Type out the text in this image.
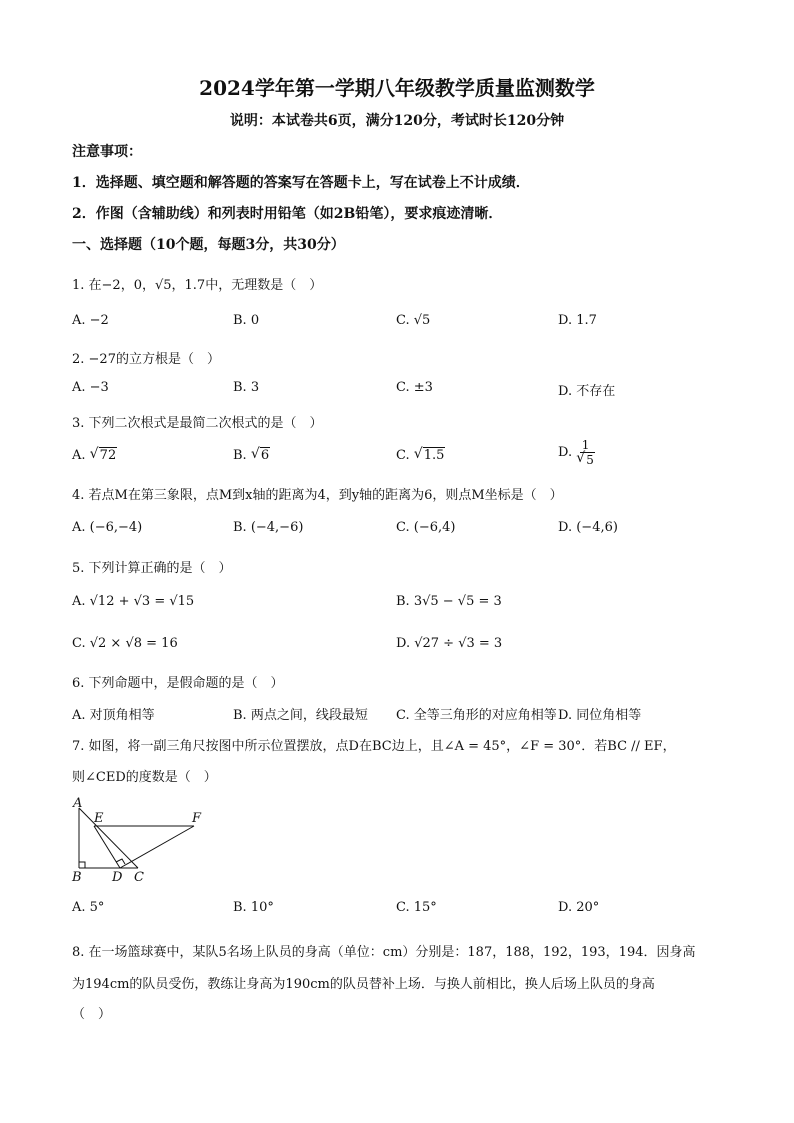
2024学年第一学期八年级教学质量监测数学
说明：本试卷共6页，满分120分，考试时长120分钟
注意事项：
1．选择题、填空题和解答题的答案写在答题卡上，写在试卷上不计成绩．
2．作图（含辅助线）和列表时用铅笔（如2B铅笔），要求痕迹清晰．
一、选择题（10个题，每题3分，共30分）
1. 在−2，0，√5，1.7中，无理数是（　）
A. −2	B. 0	C. √5	D. 1.7
2. −27的立方根是（　）
A. −3	B. 3	C. ±3	D. 不存在
3. 下列二次根式是最简二次根式的是（　）
A. √ 72	B. √ 6	C. √ 1.5	D. 1
√ 5
4. 若点M在第三象限，点M到x轴的距离为4，到y轴的距离为6，则点M坐标是（　）
A. (−6,−4)	B. (−4,−6)	C. (−6,4)	D. (−4,6)
5. 下列计算正确的是（　）
A. √12 + √3 = √15	B. 3√5 − √5 = 3
C. √2 × √8 = 16	D. √27 ÷ √3 = 3
6. 下列命题中，是假命题的是（　）
A. 对顶角相等	B. 两点之间，线段最短 C. 全等三角形的对应角相等 D. 同位角相等
7. 如图，将一副三角尺按图中所示位置摆放，点D在BC边上，且∠A = 45°，∠F = 30°．若BC // EF，
则∠CED的度数是（　）
A
E	F
B D C
A. 5°	B. 10°	C. 15°	D. 20°
8. 在一场篮球赛中，某队5名场上队员的身高（单位：cm）分别是：187，188，192，193，194．因身高
为194cm的队员受伤，教练让身高为190cm的队员替补上场．与换人前相比，换人后场上队员的身高
（　）
